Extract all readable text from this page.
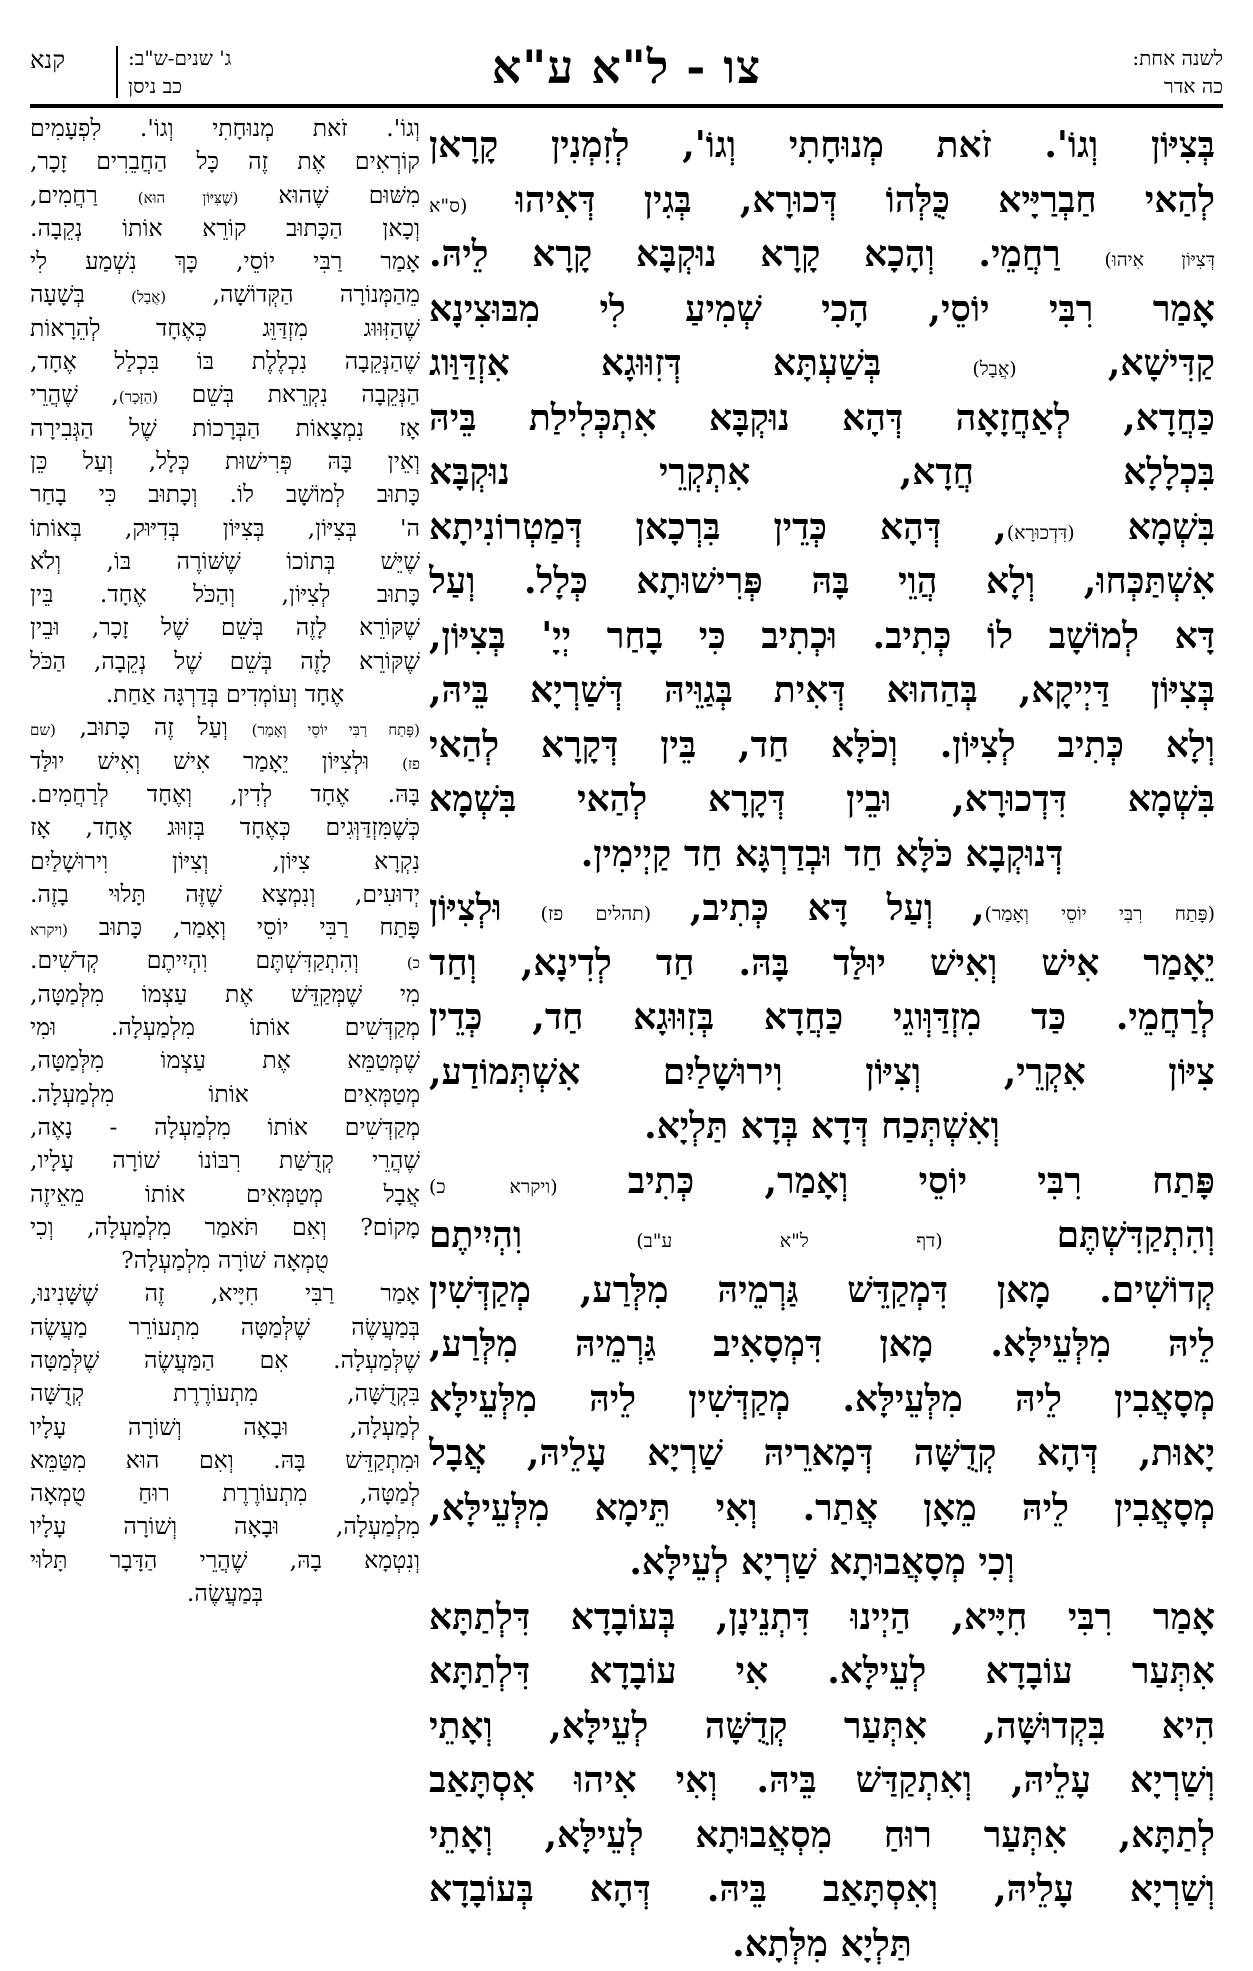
לשנה אחת:
כה אדר
צו - ל"א ע"א
ג' שנים-ש"ב:
כב ניסן
קנא
בְּצִיּוֹן וְגוֹ'. זֹאת מְנוּחָתִי וְגוֹ', לְזִמְנִין קָרָאן
לְהַאי חַבְרַיָּיא כֻּלְּהוֹ דְּכוּרָא, בְּגִין דְּאִיהוּ (ס"א
דְּצִיּוֹן אִיהוּ) רַחֲמֵי. וְהָכָא קָרָא נוּקְבָּא קָרָא לֵיהּ.
אָמַר רִבִּי יוֹסֵי, הָכִי שְׁמִיעַ לִי מִבּוּצִינָא
קַדִּישָׁא, (אֲבָל) בְּשַׁעְתָּא דְּזִוּוּגָא אִזְדַּוַּוג
כַּחֲדָא, לְאַחֲזָאָה דְּהָא נוּקְבָּא אִתְכְּלִילַת בֵּיהּ
בִּכְלָלָא חֲדָא, אִתְקְרֵי נוּקְבָּא
בִּשְׁמָא (דִּדְכוּרָא), דְּהָא כְּדֵין בִּרְכָאן דְּמַטְרוֹנִיתָא
אִשְׁתַּכְּחוּ, וְלָא הֲוֵי בָּהּ פְּרִישׁוּתָא כְּלָל. וְעַל
דָּא לְמוֹשָׁב לוֹ כְּתִיב. וּכְתִיב כִּי בָחַר יְיָ' בְּצִיּוֹן,
בְּצִיּוֹן דַּיְיקָא, בְּהַהוּא דְּאִית בְּגַוֵּיהּ דְּשַׁרְיָא בֵּיהּ,
וְלָא כְּתִיב לְצִיּוֹן. וְכֹלָּא חַד, בֵּין דְּקָרָא לְהַאי
בִּשְׁמָא דִּדְכוּרָא, וּבֵין דְּקָרָא לְהַאי בִּשְׁמָא
דְּנוּקְבָא כֹּלָּא חַד וּבְדַרְגָּא חַד קַיְימִין.
(פָּתַח רִבִּי יוֹסֵי וְאָמַר), וְעַל דָּא כְּתִיב, (תהלים פז) וּלְצִיּוֹן
יֵאָמַר אִישׁ וְאִישׁ יוּלַּד בָּהּ. חַד לְדִינָא, וְחַד
לְרַחֲמֵי. כַּד מִזְדַּוְּוגֵי כַּחֲדָא בְּזִוּוּגָא חַד, כְּדֵין
צִיּוֹן אִקְרֵי, וְצִיּוֹן וִירוּשָׁלַיִם אִשְׁתְּמוֹדַע,
וְאִשְׁתְּכַח דְּדָא בְּדָא תַּלְיָא.
פָּתַח רִבִּי יוֹסֵי וְאָמַר, כְּתִיב (ויקרא כ)
וְהִתְקַדִּשְׁתֶּם (דף ל"א ע"ב) וִהְיִיתֶם
קְדוֹשִׁים. מָאן דִּמְקַדֵּשׁ גַּרְמֵיהּ מִלְּרַע, מְקַדְּשִׁין
לֵיהּ מִלְּעֵילָּא. מָאן דִּמְסָאִיב גַּרְמֵיהּ מִלְּרַע,
מְסָאֲבִין לֵיהּ מִלְּעֵילָּא. מְקַדְּשִׁין לֵיהּ מִלְּעֵילָּא
יָאוּת, דְּהָא קְדֻשָּׁה דְּמָארֵיהּ שַׁרְיָא עָלֵיהּ, אֲבָל
מְסָאֲבִין לֵיהּ מֵאָן אֲתַר. וְאִי תֵּימָא מִלְּעֵילָּא,
וְכִי מְסָאֲבוּתָא שַׁרְיָא לְעֵילָּא.
אָמַר רִבִּי חִיָּיא, הַיְינוּ דִּתְנֵינָן, בְּעוֹבָדָא דִּלְתַתָּא
אִתְּעַר עוֹבָדָא לְעֵילָּא. אִי עוֹבָדָא דִּלְתַתָּא
הִיא בִּקְדוּשָּׁה, אִתְּעַר קְדֻשָּׁה לְעֵילָּא, וְאָתֵי
וְשַׁרְיָא עָלֵיהּ, וְאִתְקַדַּשׁ בֵּיהּ. וְאִי אִיהוּ אִסְתָּאַב
לְתַתָּא, אִתְּעַר רוּחַ מִסְאֲבוּתָא לְעֵילָּא, וְאָתֵי
וְשַׁרְיָא עָלֵיהּ, וְאִסְתָּאַב בֵּיהּ. דְּהָא בְּעוֹבָדָא
תַּלְיָא מִלְּתָא.
וְגוֹ'. זֹאת מְנוּחָתִי וְגוֹ'. לִפְעָמִים
קוֹרְאִים אֶת זֶה כָּל הַחֲבֵרִים זָכָר,
מִשּׁוּם שֶׁהוּא (שֶׁצִּיּוֹן הוּא) רַחֲמִים,
וְכָאן הַכָּתוּב קוֹרֵא אוֹתוֹ נְקֵבָה.
אָמַר רַבִּי יוֹסֵי, כָּךְ נִשְׁמַע לִי
מֵהַמְּנוֹרָה הַקְּדוֹשָׁה, (אֲבָל) בְּשָׁעָה
שֶׁהַזִּוּוּג מִזְדַּוֵּג כְּאֶחָד לְהֵרָאוֹת
שֶׁהַנְּקֵבָה נִכְלֶלֶת בּוֹ בִּכְלַל אֶחָד,
הַנְּקֵבָה נִקְרֵאת בְּשֵׁם (הַזָּכָר), שֶׁהֲרֵי
אָז נִמְצָאוֹת הַבְּרָכוֹת שֶׁל הַגְּבִירָה
וְאֵין בָּהּ פְּרִישׁוּת כְּלָל, וְעַל כֵּן
כָּתוּב לְמוֹשָׁב לוֹ. וְכָתוּב כִּי בָחַר
ה' בְּצִיּוֹן, בְּצִיּוֹן בְּדִיּוּק, בְּאוֹתוֹ
שֶׁיֵּשׁ בְּתוֹכוֹ שֶׁשּׁוֹרֶה בּוֹ, וְלֹא
כָּתוּב לְצִיּוֹן, וְהַכֹּל אֶחָד. בֵּין
שֶׁקּוֹרֵא לָזֶה בְּשֵׁם שֶׁל זָכָר, וּבֵין
שֶׁקּוֹרֵא לָזֶה בְּשֵׁם שֶׁל נְקֵבָה, הַכֹּל
אֶחָד וְעוֹמְדִים בְּדַרְגָּה אַחַת.
(פָּתַח רַבִּי יוֹסֵי וְאָמַר) וְעַל זֶה כָּתוּב, (שם
פז) וּלְצִיּוֹן יֵאָמַר אִישׁ וְאִישׁ יוּלַּד
בָּהּ. אֶחָד לְדִין, וְאֶחָד לְרַחֲמִים.
כְּשֶׁמִּזְדַּוְּגִים כְּאֶחָד בְּזִוּוּג אֶחָד, אָז
נִקְרָא צִיּוֹן, וְצִיּוֹן וִירוּשָׁלַיִם
יְדוּעִים, וְנִמְצָא שֶׁזֶּה תָּלוּי בָזֶה.
פָּתַח רַבִּי יוֹסֵי וְאָמַר, כָּתוּב (ויקרא
כ) וְהִתְקַדִּשְׁתֶּם וִהְיִיתֶם קְדֹשִׁים.
מִי שֶׁמְּקַדֵּשׁ אֶת עַצְמוֹ מִלְּמַטָּה,
מְקַדְּשִׁים אוֹתוֹ מִלְמַעְלָה. וּמִי
שֶׁמְּטַמֵּא אֶת עַצְמוֹ מִלְּמַטָּה,
מְטַמְּאִים אוֹתוֹ מִלְמַעְלָה.
מְקַדְּשִׁים אוֹתוֹ מִלְמַעְלָה - נָאֶה,
שֶׁהֲרֵי קְדֻשַּׁת רִבּוֹנוֹ שׁוֹרָה עָלָיו,
אֲבָל מְטַמְּאִים אוֹתוֹ מֵאֵיזֶה
מָקוֹם? וְאִם תֹּאמַר מִלְמַעְלָה, וְכִי
טֻמְאָה שׁוֹרָה מִלְמַעְלָה?
אָמַר רַבִּי חִיָּיא, זֶה שֶׁשָּׁנִינוּ,
בְּמַעֲשֶׂה שֶׁלְּמַטָּה מִתְעוֹרֵר מַעֲשֶׂה
שֶׁלְּמַעְלָה. אִם הַמַּעֲשֶׂה שֶׁלְּמַטָּה
בִּקְדֻשָּׁה, מִתְעוֹרֶרֶת קְדֻשָּׁה
לְמַעְלָה, וּבָאָה וְשׁוֹרָה עָלָיו
וּמִתְקַדֵּשׁ בָּהּ. וְאִם הוּא מִטַּמֵּא
לְמַטָּה, מִתְעוֹרֶרֶת רוּחַ טֻמְאָה
מִלְמַעְלָה, וּבָאָה וְשׁוֹרָה עָלָיו
וְנִטְמָא בָהּ, שֶׁהֲרֵי הַדָּבָר תָּלוּי
בְּמַעֲשֶׂה.
